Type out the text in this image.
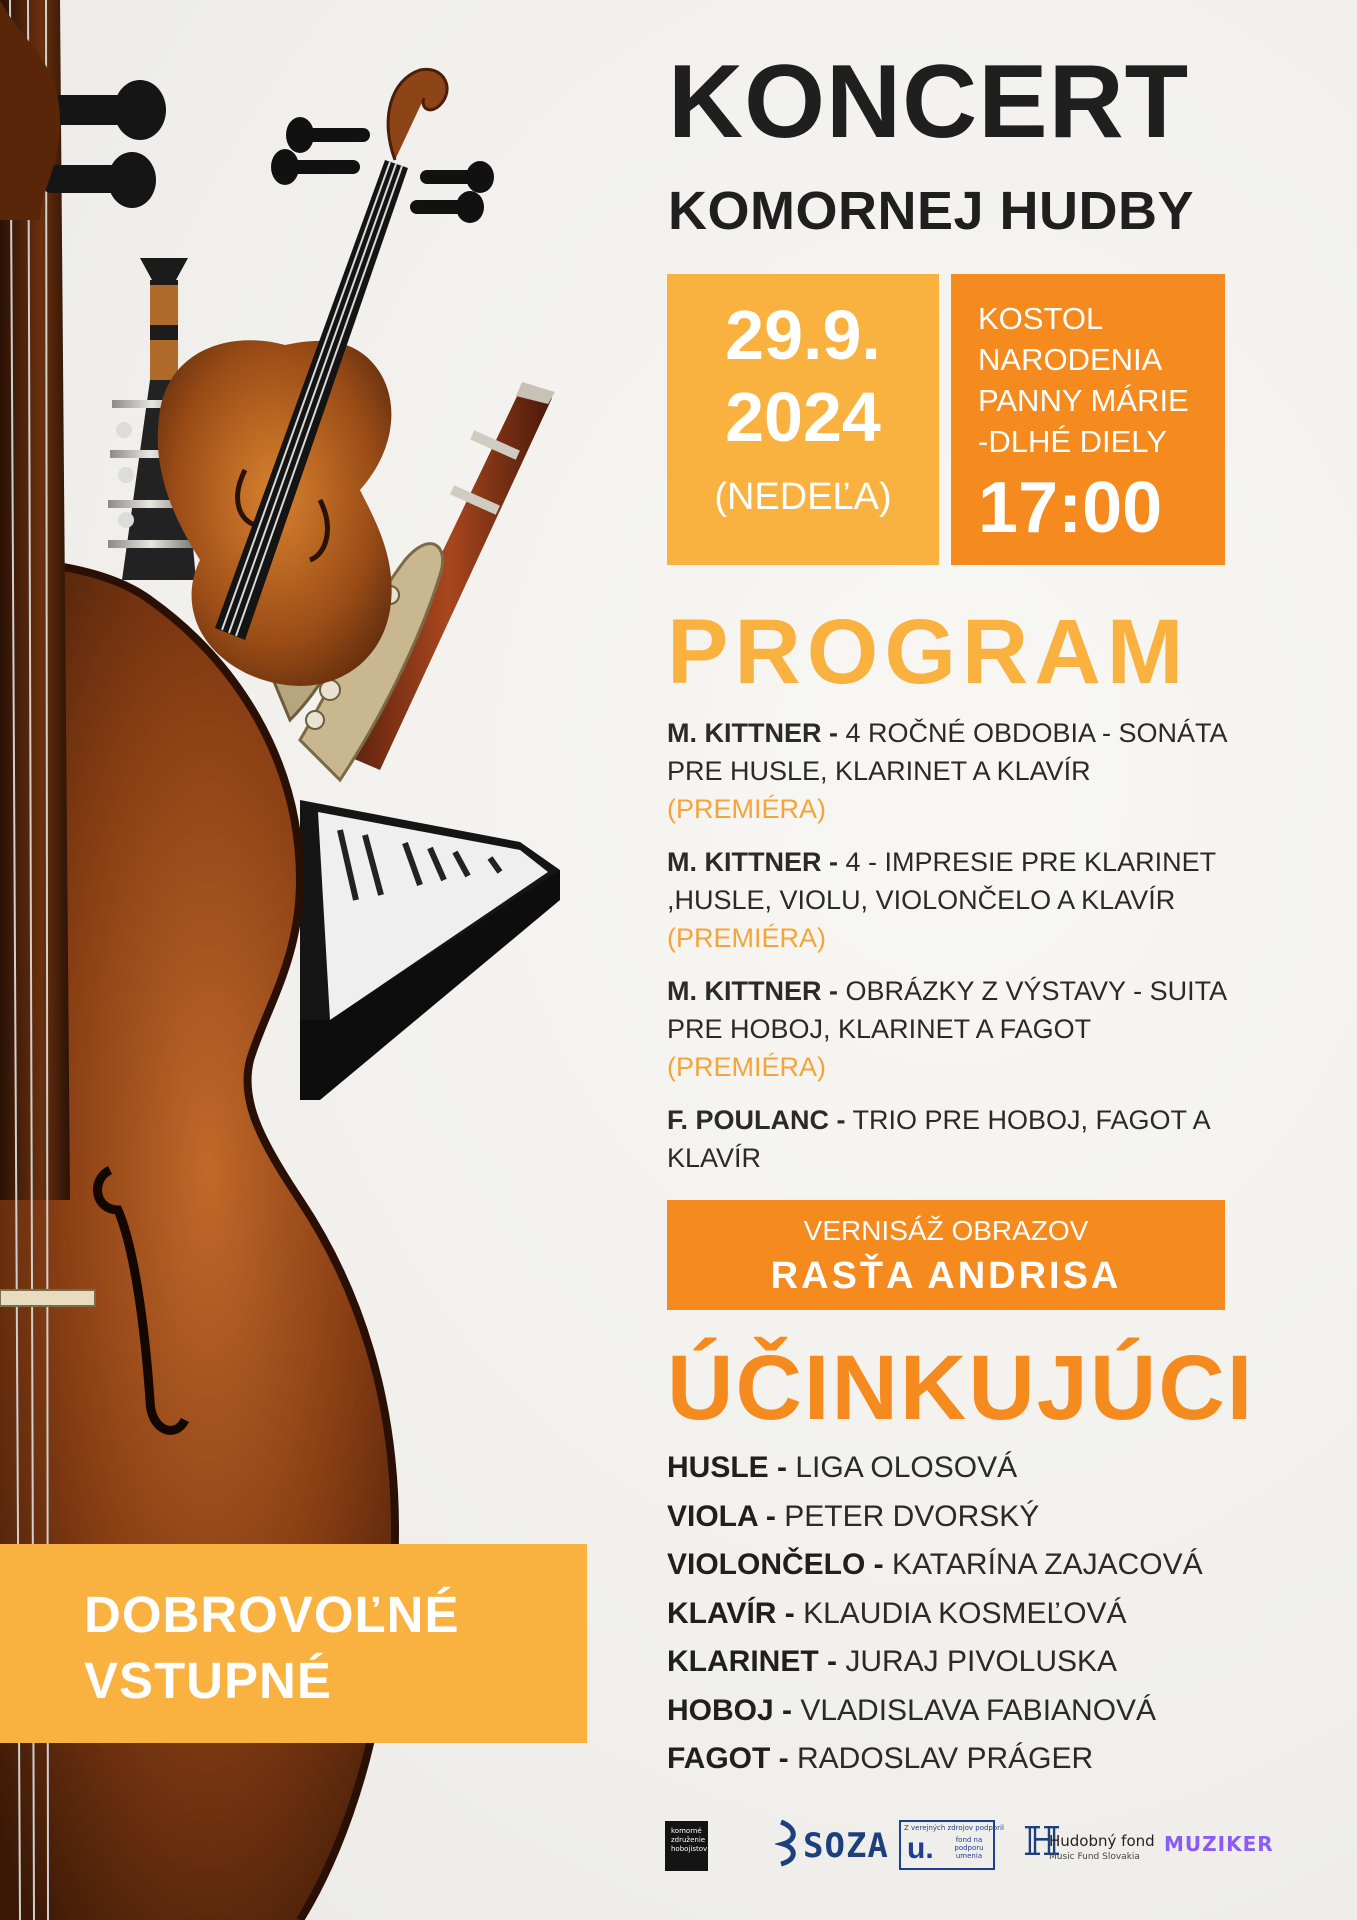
KONCERT
KOMORNEJ HUDBY
29.9.
2024
(NEDEĽA)
KOSTOL
NARODENIA
PANNY MÁRIE
-DLHÉ DIELY
17:00
PROGRAM
M. KITTNER - 4 ROČNÉ OBDOBIA - SONÁTA PRE HUSLE, KLARINET A KLAVÍR (PREMIÉRA)
M. KITTNER - 4 - IMPRESIE PRE KLARINET ,HUSLE, VIOLU, VIOLONČELO A KLAVÍR (PREMIÉRA)
M. KITTNER - OBRÁZKY Z VÝSTAVY - SUITA PRE HOBOJ, KLARINET A FAGOT (PREMIÉRA)
F. POULANC - TRIO PRE HOBOJ, FAGOT A KLAVÍR
VERNISÁŽ OBRAZOV
RASŤA ANDRISA
ÚČINKUJÚCI
HUSLE - LIGA OLOSOVÁ
VIOLA - PETER DVORSKÝ
VIOLONČELO - KATARÍNA ZAJACOVÁ
KLAVÍR - KLAUDIA KOSMEĽOVÁ
KLARINET - JURAJ PIVOLUSKA
HOBOJ - VLADISLAVA FABIANOVÁ
FAGOT - RADOSLAV PRÁGER
DOBROVOĽNÉ
VSTUPNÉ
komorné
združenie
hobojistov	SOZA Z verejných zdrojov podporil
u.	fond na podporu umenia ℍ
Hudobný fond
Music Fund Slovakia
MUZIKER
